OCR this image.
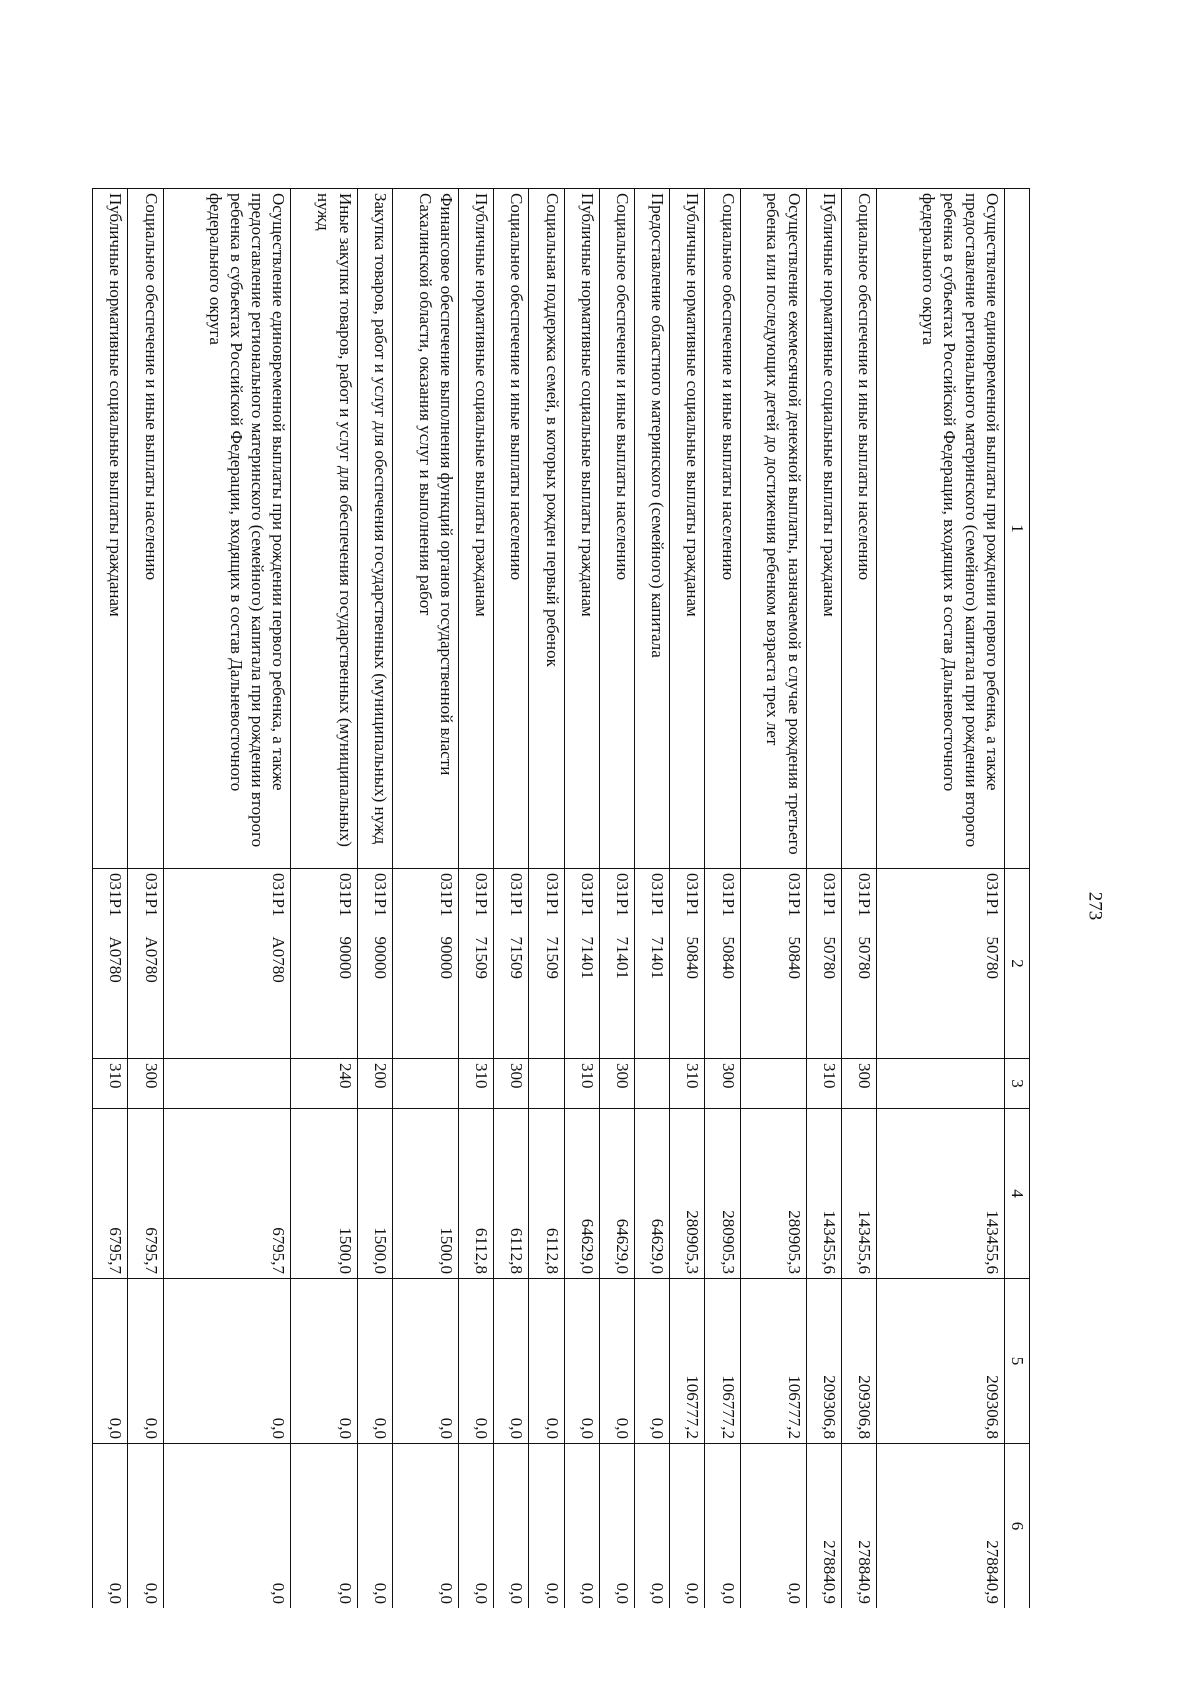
273
1	2	3	4	5	6
Осуществление единовременной выплаты при рождении первого ребенка, а также предоставление регионального материнского (семейного) капитала при рождении второго ребенка в субъектах Российской Федерации, входящих в состав Дальневосточного федерального округа	031P150780		143455,6	209306,8	278840,9
Социальное обеспечение и иные выплаты населению	031P150780	300	143455,6	209306,8	278840,9
Публичные нормативные социальные выплаты гражданам	031P150780	310	143455,6	209306,8	278840,9
Осуществление ежемесячной денежной выплаты, назначаемой в случае рождения третьего ребенка или последующих детей до достижения ребенком возраста трех лет	031P150840		280905,3	106777,2	0,0
Социальное обеспечение и иные выплаты населению	031P150840	300	280905,3	106777,2	0,0
Публичные нормативные социальные выплаты гражданам	031P150840	310	280905,3	106777,2	0,0
Предоставление областного материнского (семейного) капитала	031P171401		64629,0	0,0	0,0
Социальное обеспечение и иные выплаты населению	031P171401	300	64629,0	0,0	0,0
Публичные нормативные социальные выплаты гражданам	031P171401	310	64629,0	0,0	0,0
Социальная поддержка семей, в которых рожден первый ребенок	031P171509		6112,8	0,0	0,0
Социальное обеспечение и иные выплаты населению	031P171509	300	6112,8	0,0	0,0
Публичные нормативные социальные выплаты гражданам	031P171509	310	6112,8	0,0	0,0
Финансовое обеспечение выполнения функций органов государственной власти Сахалинской области, оказания услуг и выполнения работ	031P190000		1500,0	0,0	0,0
Закупка товаров, работ и услуг для обеспечения государственных (муниципальных) нужд	031P190000	200	1500,0	0,0	0,0
Иные закупки товаров, работ и услуг для обеспечения государственных (муниципальных) нужд	031P190000	240	1500,0	0,0	0,0
Осуществление единовременной выплаты при рождении первого ребенка, а также предоставление регионального материнского (семейного) капитала при рождении второго ребенка в субъектах Российской Федерации, входящих в состав Дальневосточного федерального округа	031P1A0780		6795,7	0,0	0,0
Социальное обеспечение и иные выплаты населению	031P1A0780	300	6795,7	0,0	0,0
Публичные нормативные социальные выплаты гражданам	031P1A0780	310	6795,7	0,0	0,0
